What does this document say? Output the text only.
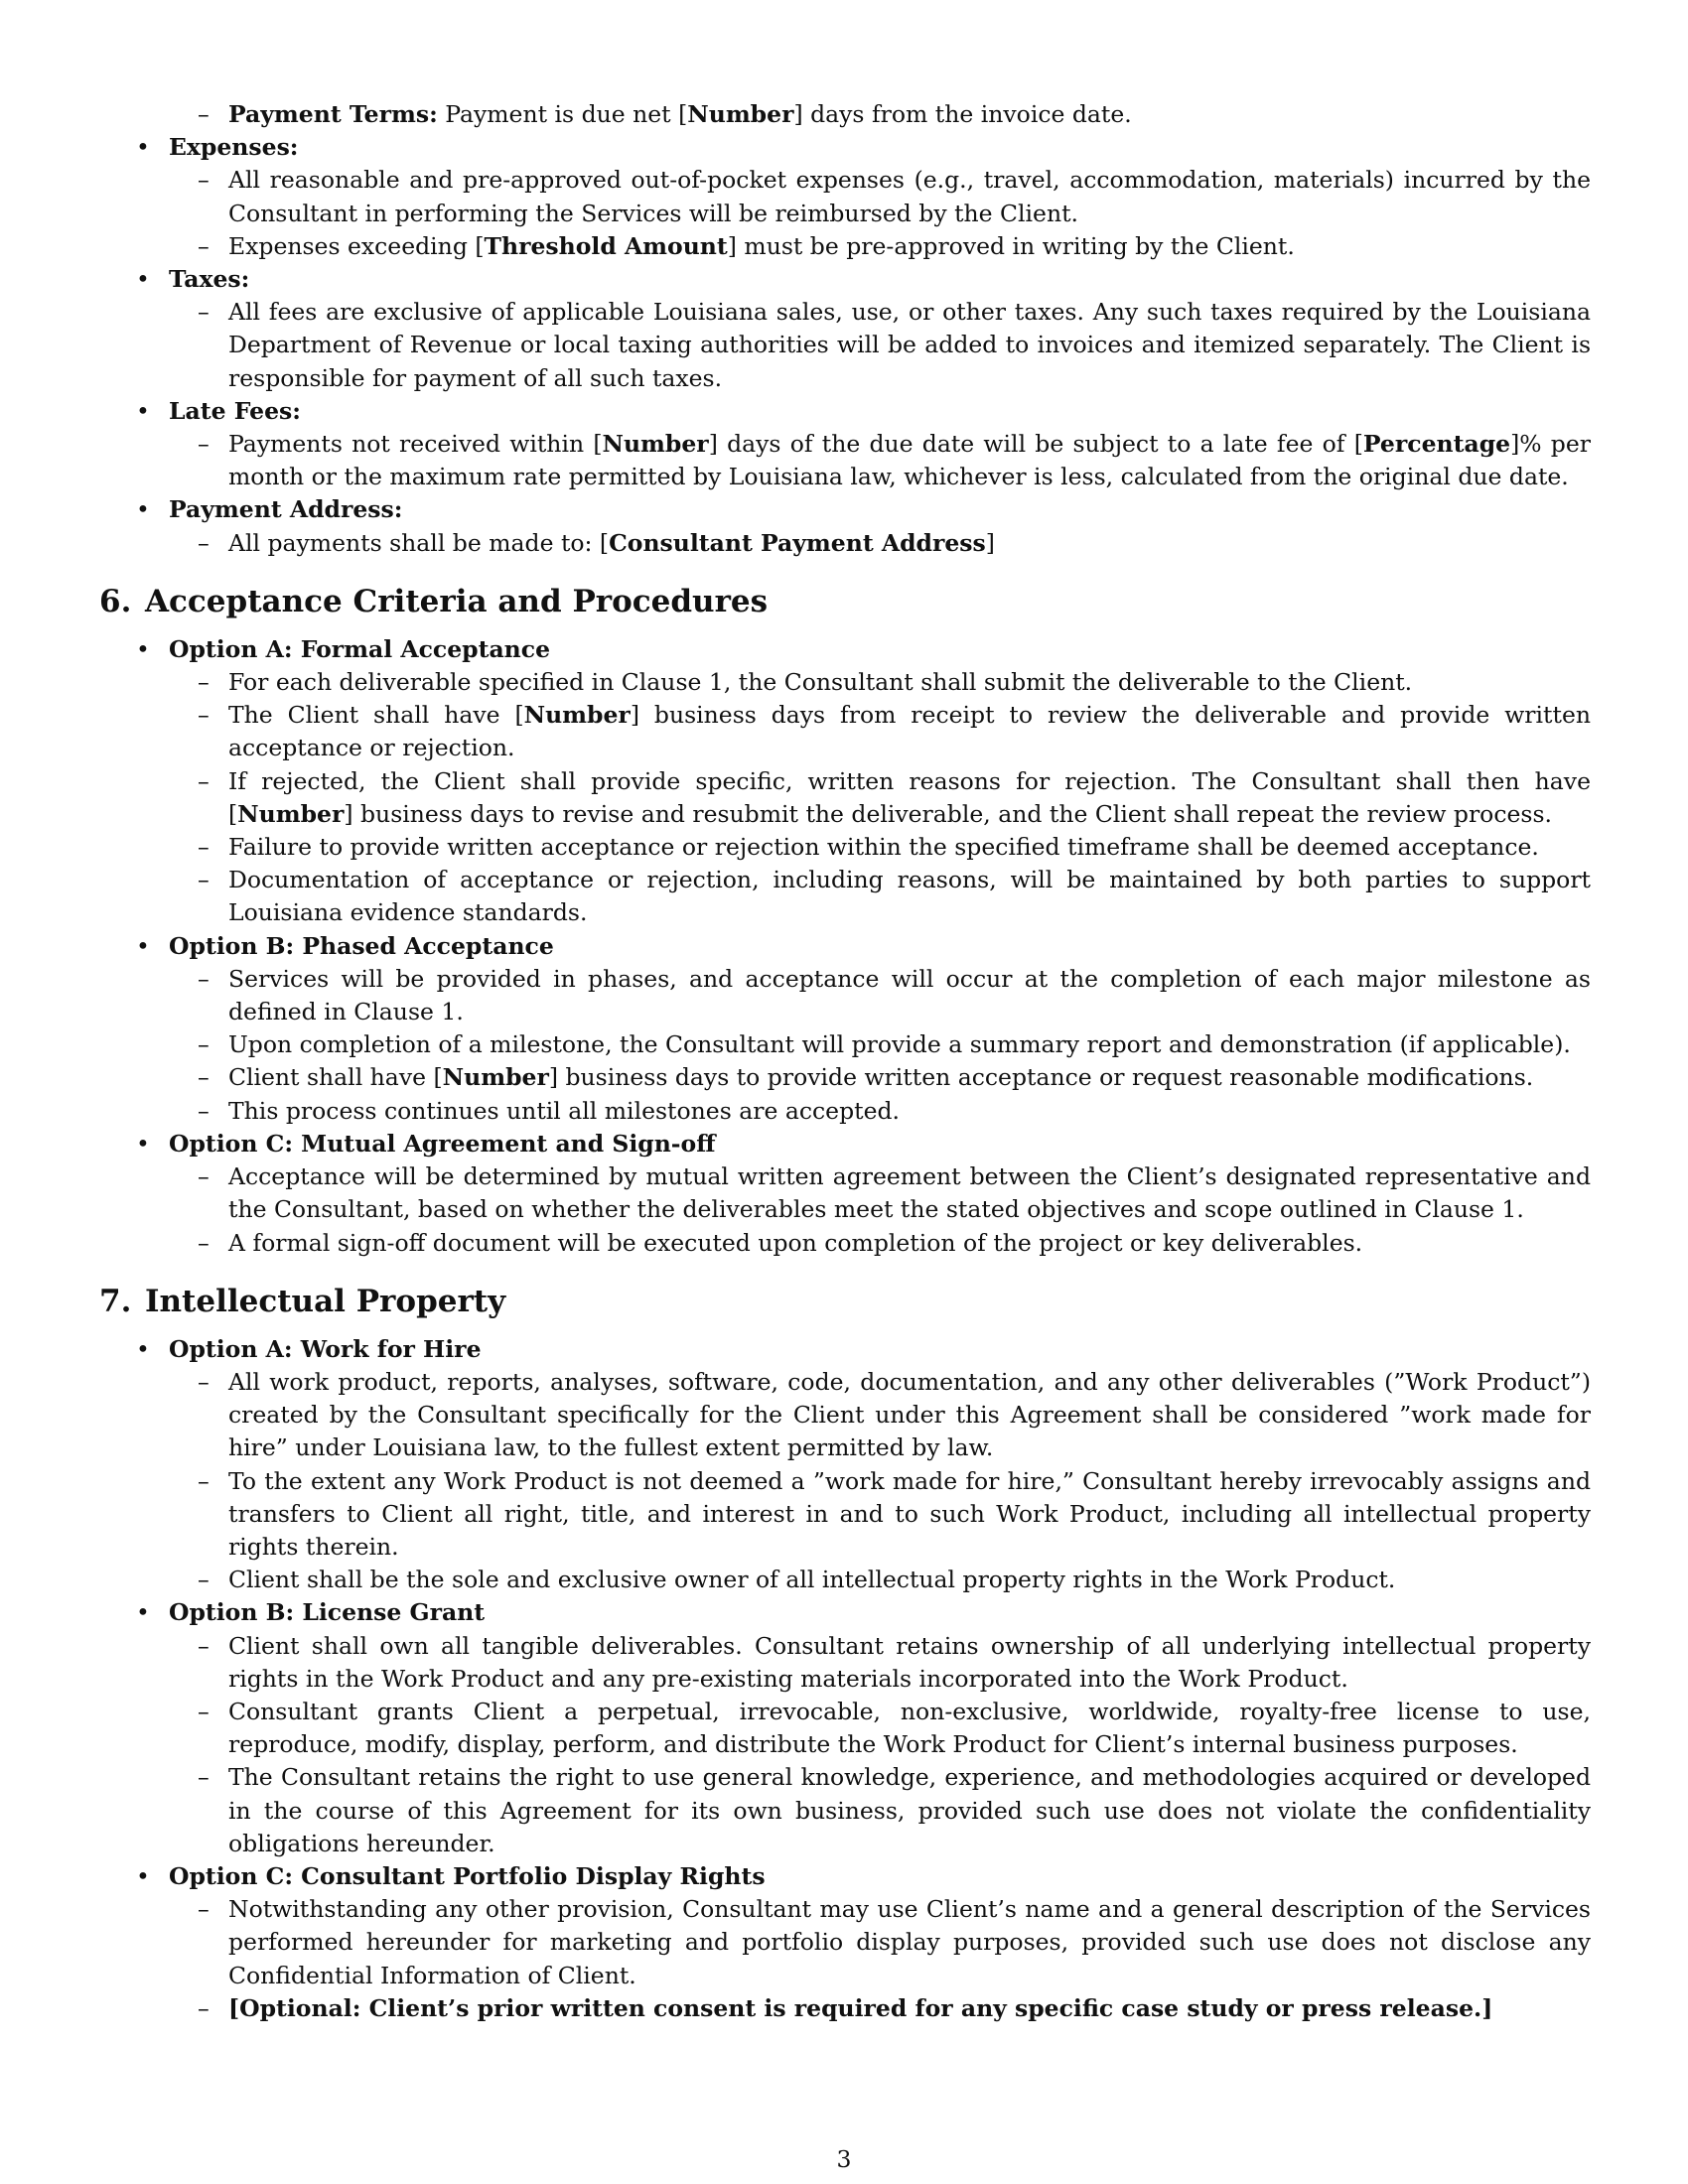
– Payment Terms: Payment is due net [Number] days from the invoice date.
• Expenses:
– All reasonable and pre-approved out-of-pocket expenses (e.g., travel, accommodation, materials) incurred by the Consultant in performing the Services will be reimbursed by the Client.
– Expenses exceeding [Threshold Amount] must be pre-approved in writing by the Client.
• Taxes:
– All fees are exclusive of applicable Louisiana sales, use, or other taxes. Any such taxes required by the Louisiana Department of Revenue or local taxing authorities will be added to invoices and itemized separately. The Client is responsible for payment of all such taxes.
• Late Fees:
– Payments not received within [Number] days of the due date will be subject to a late fee of [Percentage]% per month or the maximum rate permitted by Louisiana law, whichever is less, calculated from the original due date.
• Payment Address:
– All payments shall be made to: [Consultant Payment Address]
6. Acceptance Criteria and Procedures
• Option A: Formal Acceptance
– For each deliverable specified in Clause 1, the Consultant shall submit the deliverable to the Client.
– The Client shall have [Number] business days from receipt to review the deliverable and provide written acceptance or rejection.
– If rejected, the Client shall provide specific, written reasons for rejection. The Consultant shall then have [Number] business days to revise and resubmit the deliverable, and the Client shall repeat the review process.
– Failure to provide written acceptance or rejection within the specified timeframe shall be deemed acceptance.
– Documentation of acceptance or rejection, including reasons, will be maintained by both parties to support Louisiana evidence standards.
• Option B: Phased Acceptance
– Services will be provided in phases, and acceptance will occur at the completion of each major milestone as defined in Clause 1.
– Upon completion of a milestone, the Consultant will provide a summary report and demonstration (if applicable).
– Client shall have [Number] business days to provide written acceptance or request reasonable modifications.
– This process continues until all milestones are accepted.
• Option C: Mutual Agreement and Sign-off
– Acceptance will be determined by mutual written agreement between the Client’s designated representative and the Consultant, based on whether the deliverables meet the stated objectives and scope outlined in Clause 1.
– A formal sign-off document will be executed upon completion of the project or key deliverables.
7. Intellectual Property
• Option A: Work for Hire
– All work product, reports, analyses, software, code, documentation, and any other deliverables (”Work Product”) created by the Consultant specifically for the Client under this Agreement shall be considered ”work made for hire” under Louisiana law, to the fullest extent permitted by law.
– To the extent any Work Product is not deemed a ”work made for hire,” Consultant hereby irrevocably assigns and transfers to Client all right, title, and interest in and to such Work Product, including all intellectual property rights therein.
– Client shall be the sole and exclusive owner of all intellectual property rights in the Work Product.
• Option B: License Grant
– Client shall own all tangible deliverables. Consultant retains ownership of all underlying intellectual property rights in the Work Product and any pre-existing materials incorporated into the Work Product.
– Consultant grants Client a perpetual, irrevocable, non-exclusive, worldwide, royalty-free license to use, reproduce, modify, display, perform, and distribute the Work Product for Client’s internal business purposes.
– The Consultant retains the right to use general knowledge, experience, and methodologies acquired or developed in the course of this Agreement for its own business, provided such use does not violate the confidentiality obligations hereunder.
• Option C: Consultant Portfolio Display Rights
– Notwithstanding any other provision, Consultant may use Client’s name and a general description of the Services performed hereunder for marketing and portfolio display purposes, provided such use does not disclose any Confidential Information of Client.
– [Optional: Client’s prior written consent is required for any specific case study or press release.]
3
